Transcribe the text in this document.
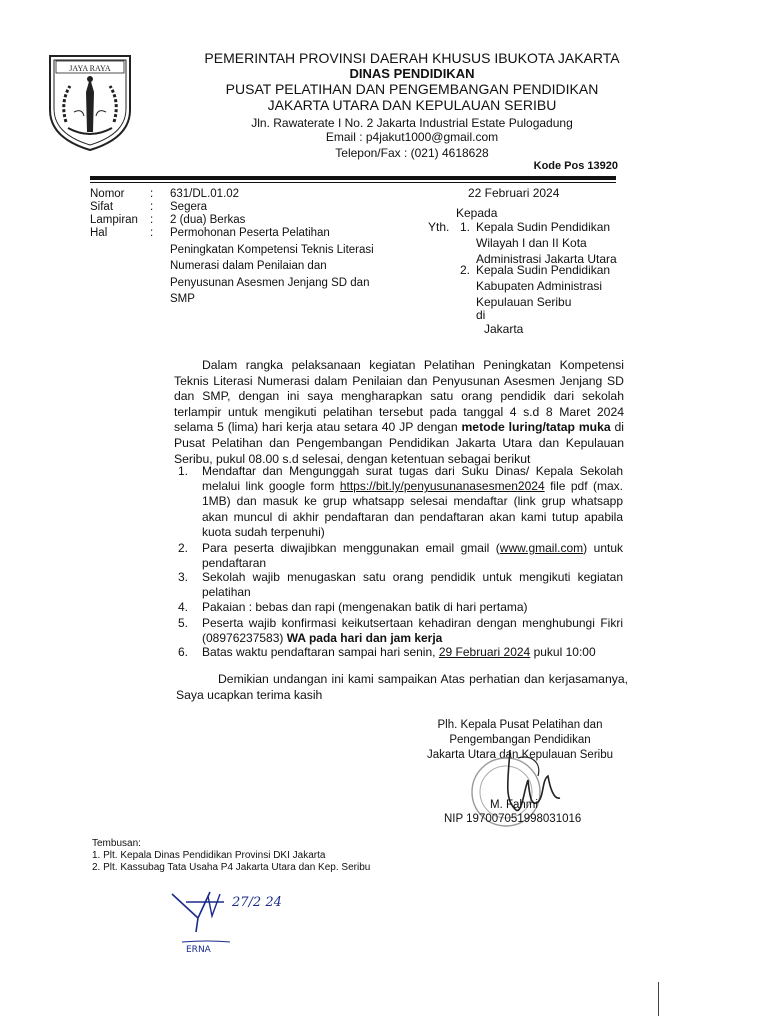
JAYA RAYA
PEMERINTAH PROVINSI DAERAH KHUSUS IBUKOTA JAKARTA
DINAS PENDIDIKAN
PUSAT PELATIHAN DAN PENGEMBANGAN PENDIDIKAN
JAKARTA UTARA DAN KEPULAUAN SERIBU
Jln. Rawaterate I No. 2 Jakarta Industrial Estate Pulogadung
Email : p4jakut1000@gmail.com
Telepon/Fax : (021) 4618628
Kode Pos 13920
Nomor	:	631/DL.01.02
Sifat	:	Segera
Lampiran	:	2 (dua) Berkas
Hal	:	Permohonan Peserta Pelatihan
Peningkatan Kompetensi Teknis Literasi
Numerasi dalam Penilaian dan
Penyusunan Asesmen Jenjang SD dan
SMP
22 Februari 2024
Kepada
Yth. 1. Kepala Sudin Pendidikan
Wilayah I dan II Kota
Administrasi Jakarta Utara
2. Kepala Sudin Pendidikan
Kabupaten Administrasi
Kepulauan Seribu
di
Jakarta
Dalam rangka pelaksanaan kegiatan Pelatihan Peningkatan Kompetensi Teknis Literasi Numerasi dalam Penilaian dan Penyusunan Asesmen Jenjang SD dan SMP, dengan ini saya mengharapkan satu orang pendidik dari sekolah terlampir untuk mengikuti pelatihan tersebut pada tanggal 4 s.d 8 Maret 2024 selama 5 (lima) hari kerja atau setara 40 JP dengan metode luring/tatap muka di Pusat Pelatihan dan Pengembangan Pendidikan Jakarta Utara dan Kepulauan Seribu, pukul 08.00 s.d selesai, dengan ketentuan sebagai berikut
1. Mendaftar dan Mengunggah surat tugas dari Suku Dinas/ Kepala Sekolah melalui link google form https://bit.ly/penyusunanasesmen2024 file pdf (max. 1MB) dan masuk ke grup whatsapp selesai mendaftar (link grup whatsapp akan muncul di akhir pendaftaran dan pendaftaran akan kami tutup apabila kuota sudah terpenuhi)
2. Para peserta diwajibkan menggunakan email gmail (www.gmail.com) untuk pendaftaran
3. Sekolah wajib menugaskan satu orang pendidik untuk mengikuti kegiatan pelatihan
4. Pakaian : bebas dan rapi (mengenakan batik di hari pertama)
5. Peserta wajib konfirmasi keikutsertaan kehadiran dengan menghubungi Fikri (08976237583) WA pada hari dan jam kerja
6. Batas waktu pendaftaran sampai hari senin, 29 Februari 2024 pukul 10:00
Demikian undangan ini kami sampaikan Atas perhatian dan kerjasamanya, Saya ucapkan terima kasih
Plh. Kepala Pusat Pelatihan dan
Pengembangan Pendidikan
Jakarta Utara dan Kepulauan Seribu
M. Fahmi
NIP 197007051998031016
Tembusan:
1. Plt. Kepala Dinas Pendidikan Provinsi DKI Jakarta
2. Plt. Kassubag Tata Usaha P4 Jakarta Utara dan Kep. Seribu
27/2 24
ERNA
